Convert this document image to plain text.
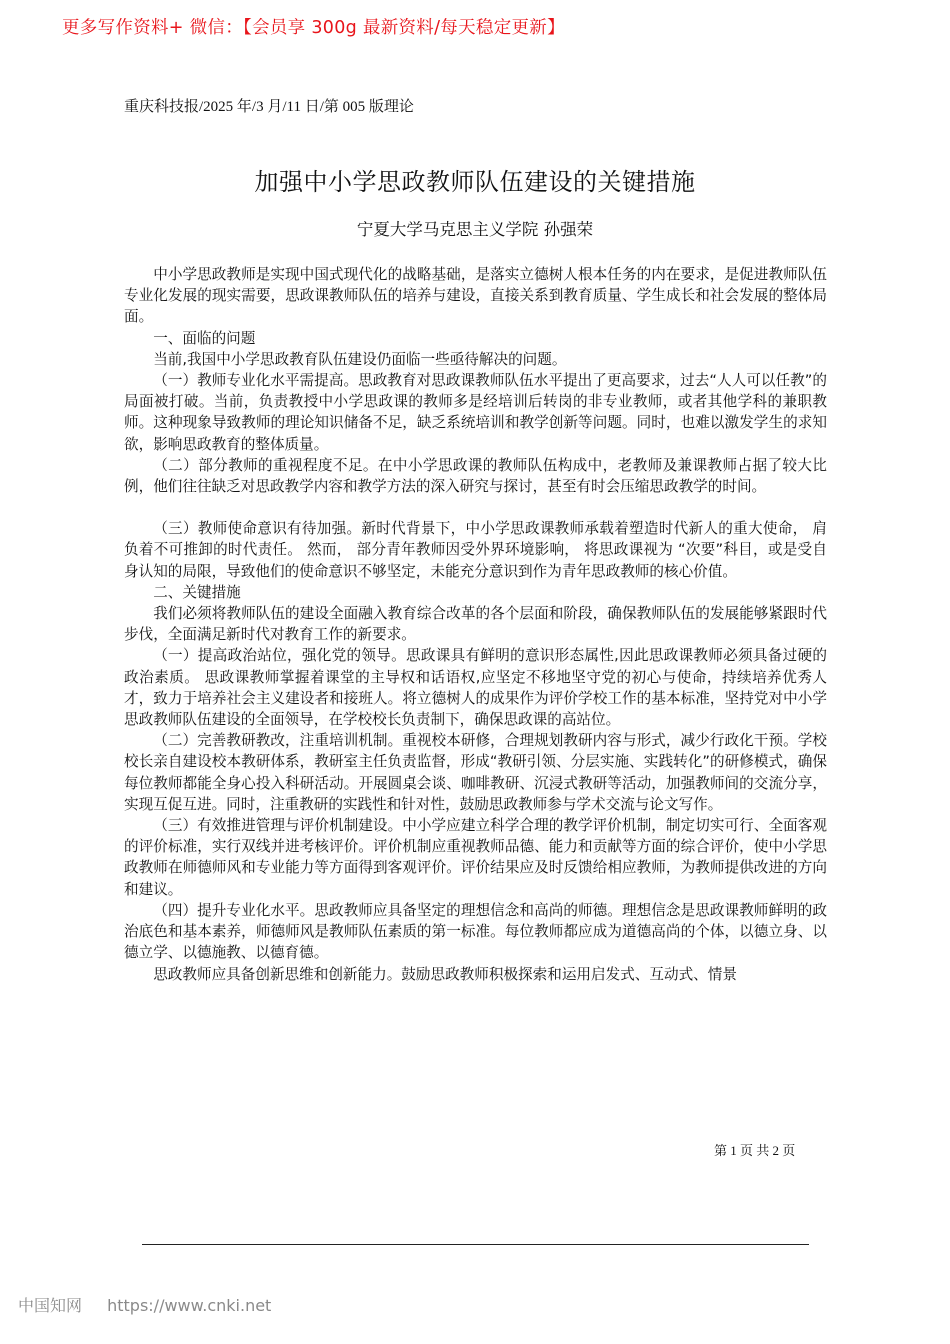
更多写作资料+ 微信：【会员享 300g 最新资料/每天稳定更新】
重庆科技报/2025 年/3 月/11 日/第 005 版理论
加强中小学思政教师队伍建设的关键措施
宁夏大学马克思主义学院 孙强荣

中小学思政教师是实现中国式现代化的战略基础，是落实立德树人根本任务的内在要求，是促进教师队伍专业化发展的现实需要，思政课教师队伍的培养与建设，直接关系到教育质量、学生成长和社会发展的整体局面。

一、面临的问题

当前,我国中小学思政教育队伍建设仍面临一些亟待解决的问题。

（一）教师专业化水平需提高。思政教育对思政课教师队伍水平提出了更高要求，过去“人人可以任教”的局面被打破。当前，负责教授中小学思政课的教师多是经培训后转岗的非专业教师，或者其他学科的兼职教师。这种现象导致教师的理论知识储备不足，缺乏系统培训和教学创新等问题。同时，也难以激发学生的求知欲，影响思政教育的整体质量。

（二）部分教师的重视程度不足。在中小学思政课的教师队伍构成中，老教师及兼课教师占据了较大比例，他们往往缺乏对思政教学内容和教学方法的深入研究与探讨，甚至有时会压缩思政教学的时间。

（三）教师使命意识有待加强。新时代背景下，中小学思政课教师承载着塑造时代新人的重大使命， 肩负着不可推卸的时代责任。 然而， 部分青年教师因受外界环境影响， 将思政课视为 “次要”科目，或是受自身认知的局限，导致他们的使命意识不够坚定，未能充分意识到作为青年思政教师的核心价值。

二、关键措施

我们必须将教师队伍的建设全面融入教育综合改革的各个层面和阶段，确保教师队伍的发展能够紧跟时代步伐，全面满足新时代对教育工作的新要求。

（一）提高政治站位，强化党的领导。思政课具有鲜明的意识形态属性,因此思政课教师必须具备过硬的政治素质。 思政课教师掌握着课堂的主导权和话语权,应坚定不移地坚守党的初心与使命，持续培养优秀人才，致力于培养社会主义建设者和接班人。将立德树人的成果作为评价学校工作的基本标准，坚持党对中小学思政教师队伍建设的全面领导，在学校校长负责制下，确保思政课的高站位。

（二）完善教研教改，注重培训机制。重视校本研修，合理规划教研内容与形式，减少行政化干预。学校校长亲自建设校本教研体系，教研室主任负责监督，形成“教研引领、分层实施、实践转化”的研修模式，确保每位教师都能全身心投入科研活动。开展圆桌会谈、咖啡教研、沉浸式教研等活动，加强教师间的交流分享，实现互促互进。同时，注重教研的实践性和针对性，鼓励思政教师参与学术交流与论文写作。

（三）有效推进管理与评价机制建设。中小学应建立科学合理的教学评价机制，制定切实可行、全面客观的评价标准，实行双线并进考核评价。评价机制应重视教师品德、能力和贡献等方面的综合评价，使中小学思政教师在师德师风和专业能力等方面得到客观评价。评价结果应及时反馈给相应教师，为教师提供改进的方向和建议。

（四）提升专业化水平。思政教师应具备坚定的理想信念和高尚的师德。理想信念是思政课教师鲜明的政治底色和基本素养，师德师风是教师队伍素质的第一标准。每位教师都应成为道德高尚的个体，以德立身、以德立学、以德施教、以德育德。

思政教师应具备创新思维和创新能力。鼓励思政教师积极探索和运用启发式、互动式、情景

第 1 页 共 2 页
中国知网 https://www.cnki.net
